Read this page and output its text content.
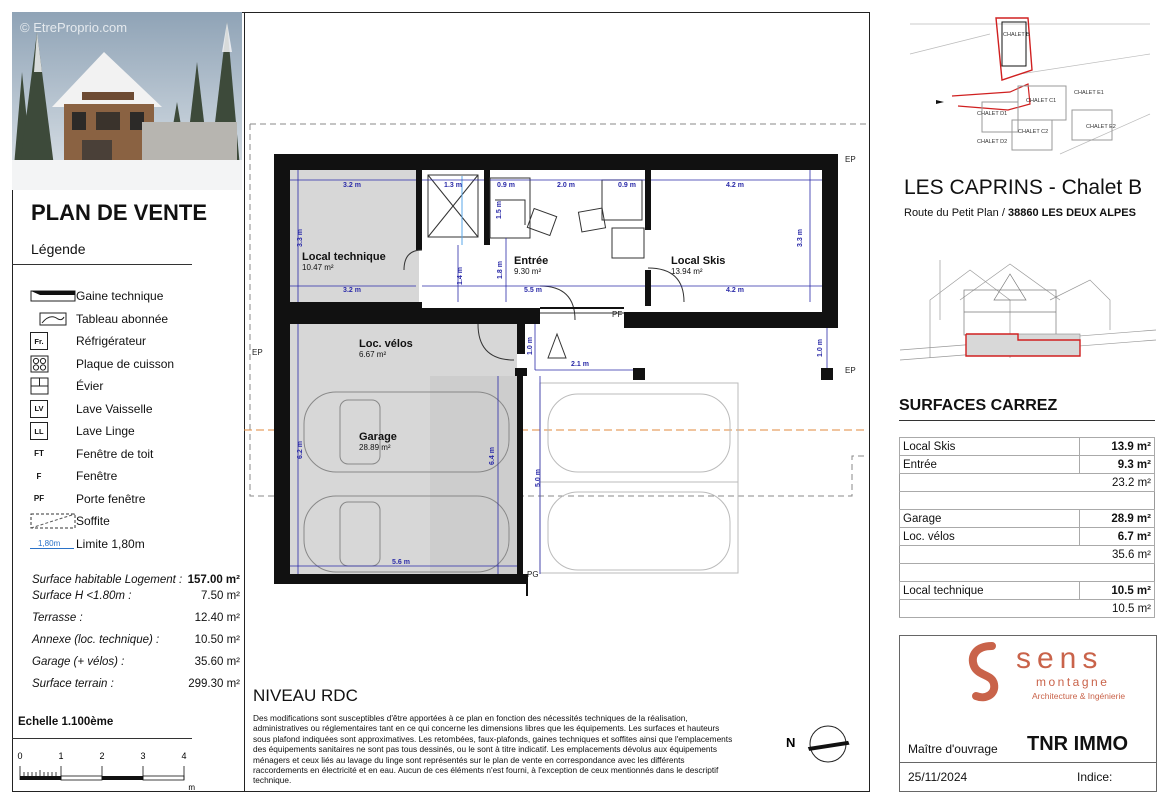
© EtreProprio.com
PLAN DE VENTE
Légende
Gaine technique
Tableau abonnée
Fr.	Réfrigérateur
Plaque de cuisson
Évier
LV	Lave Vaisselle
LL	Lave Linge
FT	Fenêtre de toit
F	Fenêtre
PF	Porte fenêtre
Soffite
1,80m Limite 1,80m
Surface habitable Logement : 157.00 m²
Surface H <1.80m :	7.50 m²
Terrasse :	12.40 m²
Annexe (loc. technique) :	10.50 m²
Garage (+ vélos) :	35.60 m²
Surface terrain :	299.30 m²
Echelle 1.100ème
0	1	2	3	4
m
3.2 m	1.3 m	0.9 m	2.0 m	0.9 m	4.2 m
3.2 m	5.5 m	4.2 m
3.3 m	3.3 m
1.4 m	1.8 m
1.5 m
1.0 m	1.0 m
2.1 m
6.2 m	6.4 m
5.0 m
5.6 m
EP
EP
EP
PF
PG
Local technique
10.47 m²
Entrée
9.30 m²
Local Skis
13.94 m²
Loc. vélos
6.67 m²
Garage
28.89 m²
NIVEAU RDC
Des modifications sont susceptibles d'être apportées à ce plan en fonction des nécessités techniques de la réalisation, administratives ou réglementaires tant en ce qui concerne les dimensions libres que les équipements. Les surfaces et hauteurs sous plafond indiquées sont approximatives. Les retombées, faux-plafonds, gaines techniques et soffites ainsi que l'emplacements des équipements sanitaires ne sont pas tous dessinés, ou le sont à titre indicatif. Les emplacements dévolus aux équipements ménagers et ceux liés au lavage du linge sont représentés sur le plan de vente en correspondance avec les différents raccordements en électricité et en eau. Aucun de ces éléments n'est fourni, à l'exception de ceux mentionnés dans le descriptif technique.
N
CHALET B
CHALET C1
CHALET E1
CHALET D1
CHALET C2
CHALET E2
CHALET D2
LES CAPRINS - Chalet B
Route du Petit Plan / 38860 LES DEUX ALPES
SURFACES CARREZ
Local Skis	13.9 m²
Entrée	9.3 m²
	23.2 m²

Garage	28.9 m²
Loc. vélos	6.7 m²
	35.6 m²

Local technique	10.5 m²
	10.5 m²
sens
montagne
Architecture & Ingénierie
Maître d'ouvrage TNR IMMO
25/11/2024	Indice:
